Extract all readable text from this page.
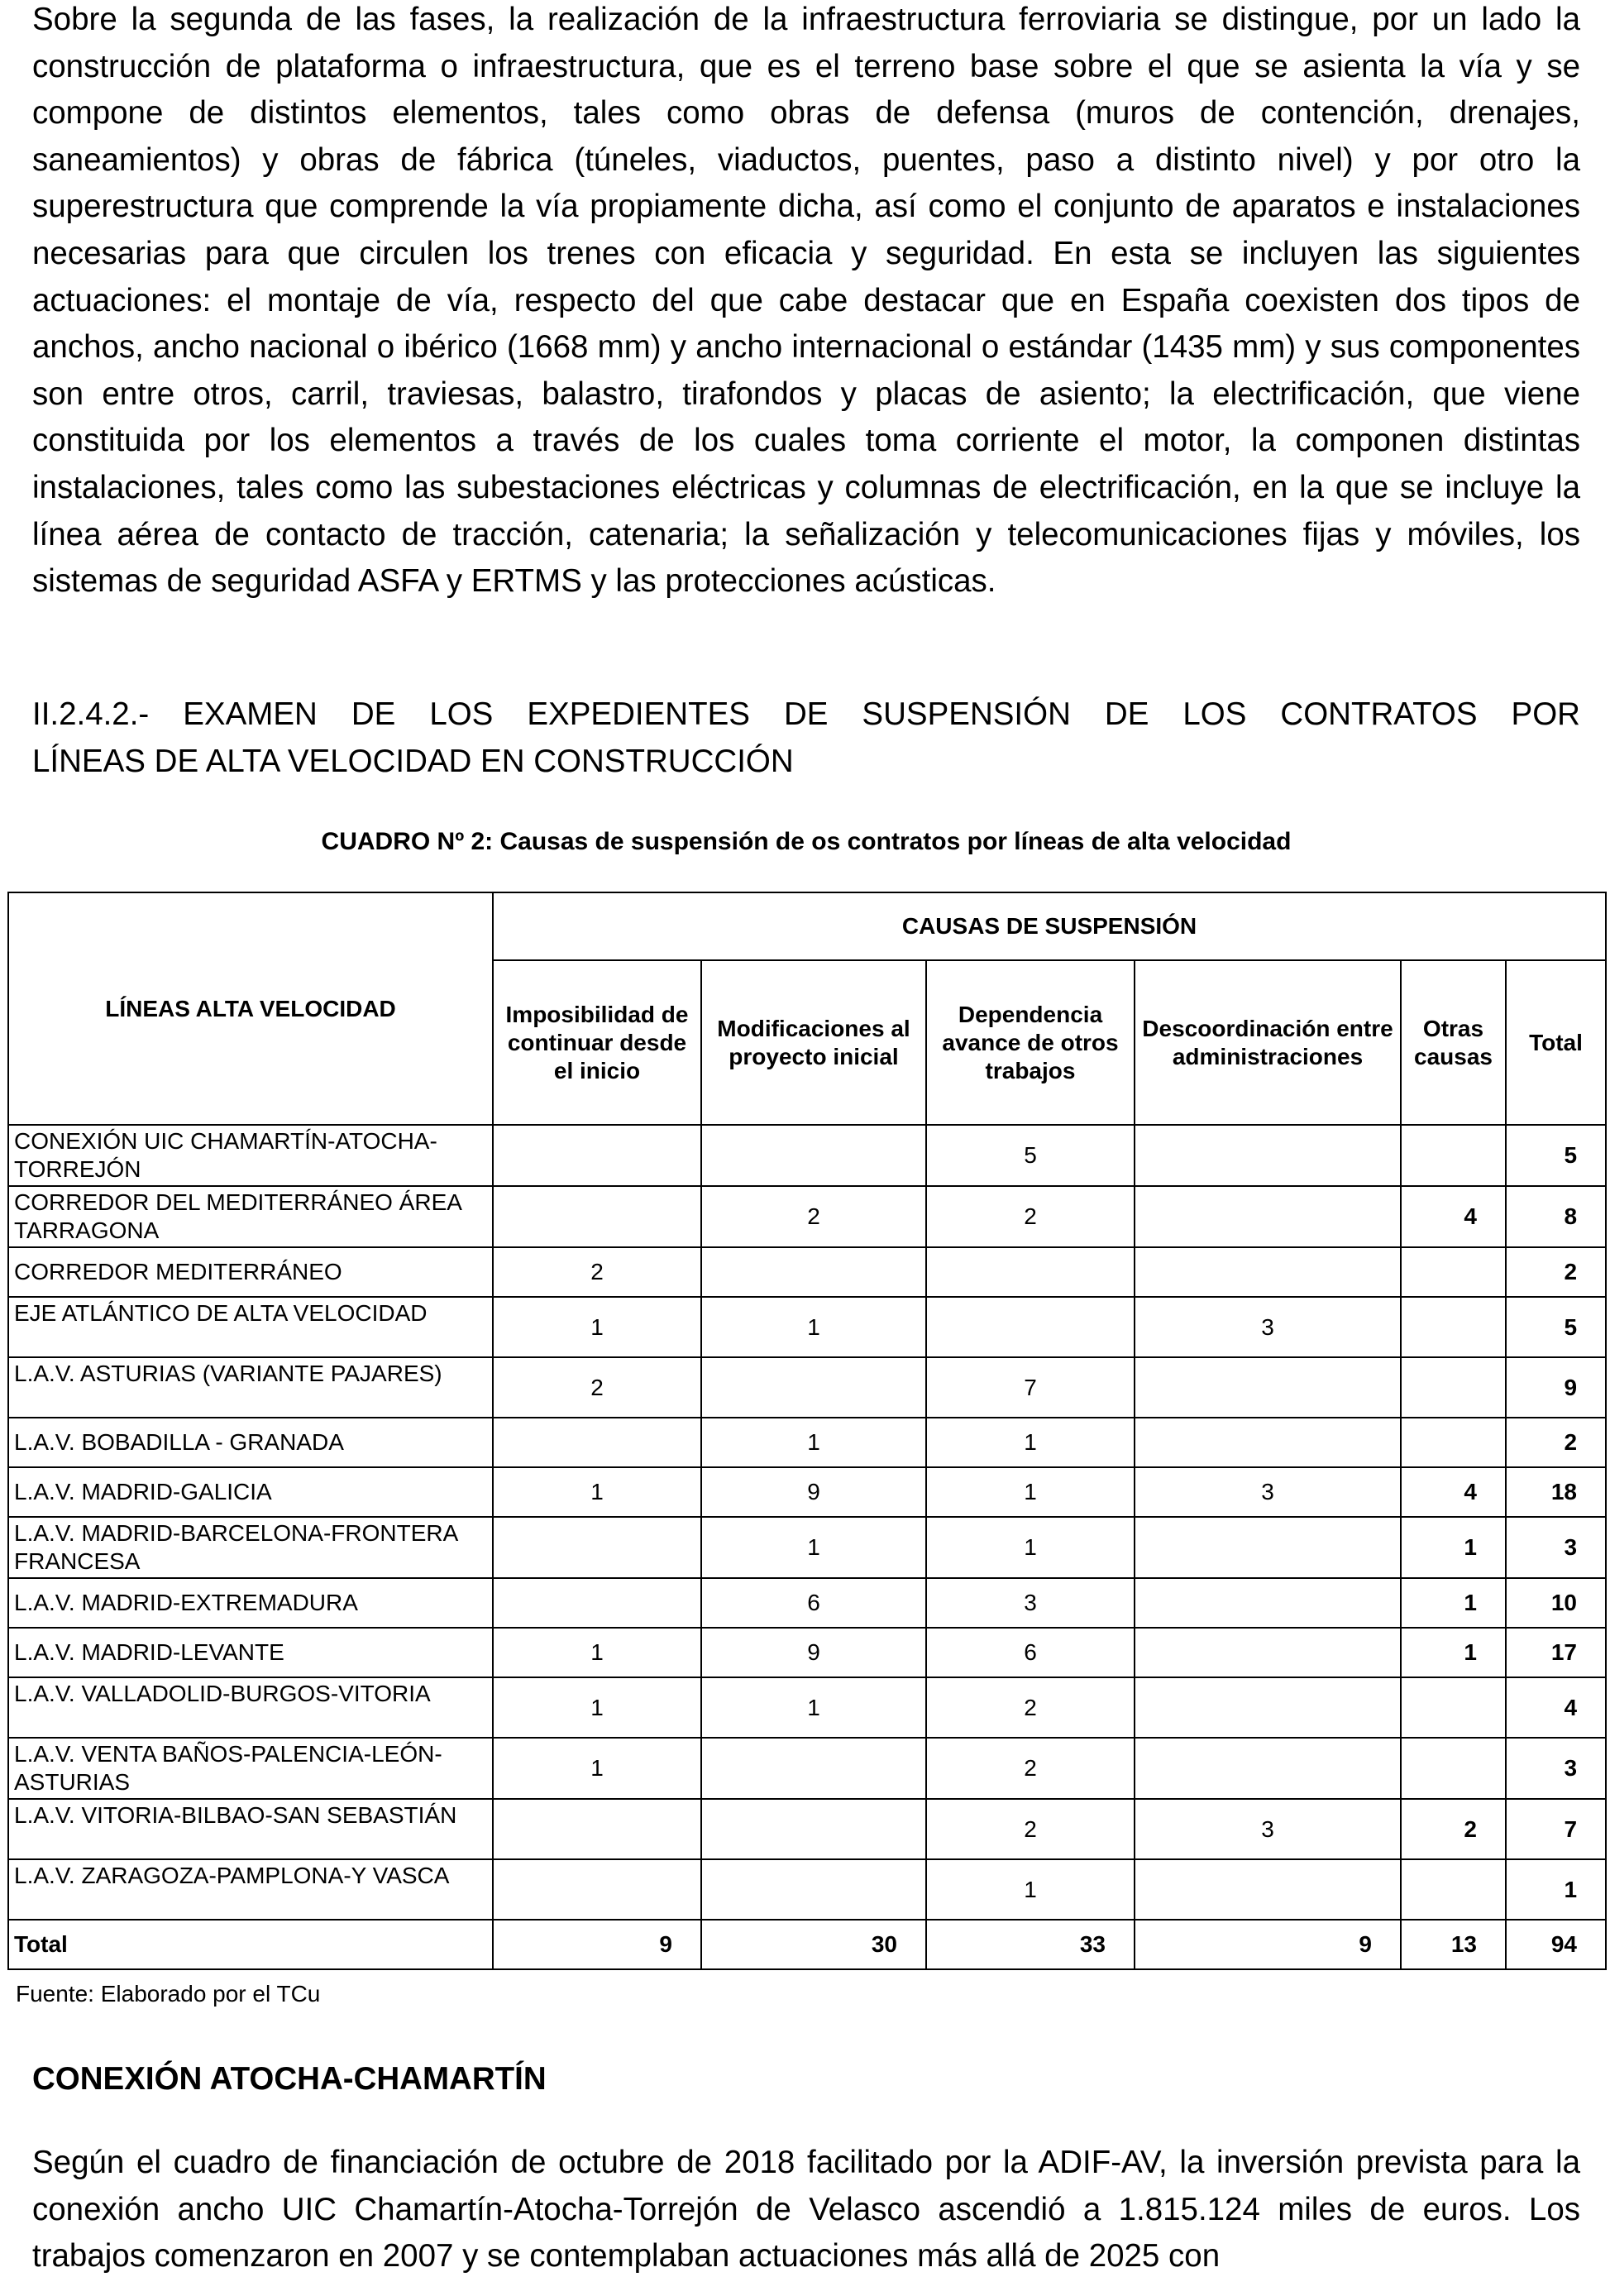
Sobre la segunda de las fases, la realización de la infraestructura ferroviaria se distingue, por un lado la construcción de plataforma o infraestructura, que es el terreno base sobre el que se asienta la vía y se compone de distintos elementos, tales como obras de defensa (muros de contención, drenajes, saneamientos) y obras de fábrica (túneles, viaductos, puentes, paso a distinto nivel) y por otro la superestructura que comprende la vía propiamente dicha, así como el conjunto de aparatos e instalaciones necesarias para que circulen los trenes con eficacia y seguridad. En esta se incluyen las siguientes actuaciones: el montaje de vía, respecto del que cabe destacar que en España coexisten dos tipos de anchos, ancho nacional o ibérico (1668 mm) y ancho internacional o estándar (1435 mm) y sus componentes son entre otros, carril, traviesas, balastro, tirafondos y placas de asiento; la electrificación, que viene constituida por los elementos a través de los cuales toma corriente el motor, la componen distintas instalaciones, tales como las subestaciones eléctricas y columnas de electrificación, en la que se incluye la línea aérea de contacto de tracción, catenaria; la señalización y telecomunicaciones fijas y móviles, los sistemas de seguridad ASFA y ERTMS y las protecciones acústicas.

II.2.4.2.- EXAMEN DE LOS EXPEDIENTES DE SUSPENSIÓN DE LOS CONTRATOS POR
LÍNEAS DE ALTA VELOCIDAD EN CONSTRUCCIÓN
CUADRO Nº 2: Causas de suspensión de os contratos por líneas de alta velocidad
LÍNEAS ALTA VELOCIDAD	CAUSAS DE SUSPENSIÓN					
	Imposibilidad de continuar desde el inicio	Modificaciones al proyecto inicial	Dependencia avance de otros trabajos	Descoordinación entre administraciones	Otras causas	Total
CONEXIÓN UIC CHAMARTÍN-ATOCHA-TORREJÓN			5			5
CORREDOR DEL MEDITERRÁNEO ÁREA TARRAGONA		2	2		4	8
CORREDOR MEDITERRÁNEO	2					2
EJE ATLÁNTICO DE ALTA VELOCIDAD	1	1		3		5
L.A.V. ASTURIAS (VARIANTE PAJARES)	2		7			9
L.A.V. BOBADILLA - GRANADA		1	1			2
L.A.V. MADRID-GALICIA	1	9	1	3	4	18
L.A.V. MADRID-BARCELONA-FRONTERA FRANCESA		1	1		1	3
L.A.V. MADRID-EXTREMADURA		6	3		1	10
L.A.V. MADRID-LEVANTE	1	9	6		1	17
L.A.V. VALLADOLID-BURGOS-VITORIA	1	1	2			4
L.A.V. VENTA BAÑOS-PALENCIA-LEÓN-ASTURIAS	1		2			3
L.A.V. VITORIA-BILBAO-SAN SEBASTIÁN			2	3	2	7
L.A.V. ZARAGOZA-PAMPLONA-Y VASCA			1			1
Total	9	30	33	9	13	94
Fuente: Elaborado por el TCu
CONEXIÓN ATOCHA-CHAMARTÍN

Según el cuadro de financiación de octubre de 2018 facilitado por la ADIF-AV, la inversión prevista para la conexión ancho UIC Chamartín-Atocha-Torrejón de Velasco ascendió a 1.815.124 miles de euros. Los trabajos comenzaron en 2007 y se contemplaban actuaciones más allá de 2025 con
